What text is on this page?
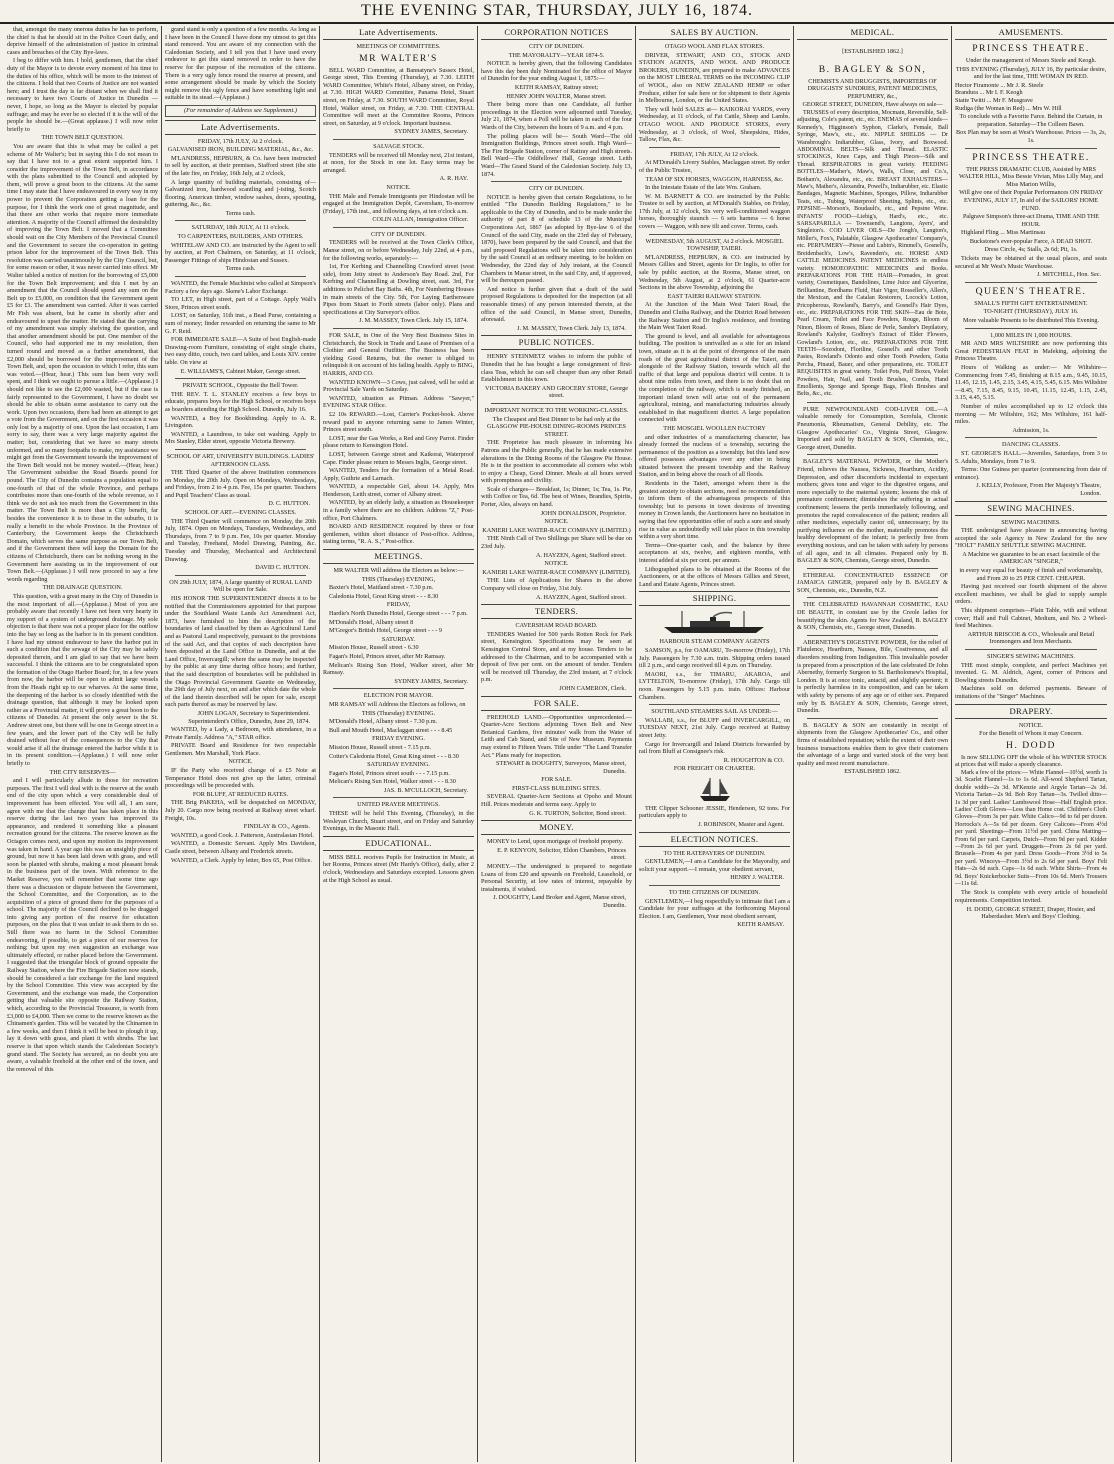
THE EVENING STAR, THURSDAY, JULY 16, 1874.

that, amongst the many onerous duties he has to perform, the chief is that he should sit in the Police Court daily, and deprive himself of the administration of justice in criminal cases and breaches of the City Bye-laws.

I beg to differ with him. I hold, gentlemen, that the chief duty of the Mayor is to devote every moment of his time to the duties of his office, which will be more to the interest of the citizens. I hold that two Courts of Justice are not wanted here; and I trust the day is far distant when we shall find it necessary to have two Courts of Justice in Dunedin — never, I hope, so long as the Mayor is elected by popular suffrage; and may he ever be so elected if it is the will of the people he should be.—(Great applause.) I will now refer briefly to

THE TOWN BELT QUESTION.

You are aware that this is what may be called a pet scheme of Mr Walter's; but in saying this I do not mean to say that I have not to a great extent supported him. I consider the improvement of the Town Belt, in accordance with the plans submitted to the Council and adopted by them, will prove a great boon to the citizens. At the same time I may state that I have endeavoured in every way in my power to prevent the Corporation getting a loan for the purpose, for I think the work one of great magnitude, and that there are other works that require more immediate attention. A majority of the Council affirmed the desirability of improving the Town Belt. I moved that a Committee should wait on the City Members of the Provincial Council and the Government to secure the co-operation in getting prison labor for the improvement of the Town Belt. This resolution was carried unanimously by the City Council, but, for some reason or other, it was never carried into effect. Mr Walter tabled a notice of motion for the borrowing of £5,000 for the Town Belt improvement; and this I met by an amendment that the Council should spend any sum on the Belt up to £5,000, on condition that the Government spent £5 for £1. The amendment was carried. After it was carried Mr Fish was absent, but he came in shortly after and endeavoured to upset the matter. He stated that the carrying of my amendment was simply shelving the question, and that another amendment should be put. One member of the Council, who had supported me in my resolution, then turned round and moved as a further amendment, that £2,000 should be borrowed for the improvement of the Town Belt, and, upon the occasion to which I refer, this sum was voted.—(Hear, hear.) This sum has been very well spent, and I think we ought to pursue a little.—(Applause.) I should not like to see the £2,000 wasted, but if the case is fairly represented to the Government, I have no doubt we should be able to obtain some assistance to carry out the work. Upon two occasions, there had been an attempt to get a vote from the Government, and on the first occasion it was only lost by a majority of one. Upon the last occasion, I am sorry to say, there was a very large majority against the matter; but, considering that we have so many streets unformed, and so many footpaths to make, my assistance we might get from the Government towards the improvement of the Town Belt would not be money wasted.—(Hear, hear.) The Government subsidise the Road Boards pound for pound. The City of Dunedin contains a population equal to one-fourth of that of the whole Province, and perhaps contributes more than one-fourth of the whole revenue, so I think we do not ask too much from the Government in this matter. The Town Belt is more than a City benefit, far besides the convenience it is to those in the suburbs, it is really a benefit to the whole Province. In the Province of Canterbury, the Government keeps the Christchurch Domain, which serves the same purpose as our Town Belt, and if the Government there will keep the Domain for the citizens of Christchurch, there can be nothing wrong in the Government here assisting us in the improvement of our Town Belt.—(Applause.) I will now proceed to say a few words regarding

THE DRAINAGE QUESTION.

This question, with a great many in the City of Dunedin is the most important of all.—(Applause.) Most of you are probably aware that recently I have not been very hearty in my support of a system of underground drainage. My sole objection is that there was not a proper place for the outflow into the bay so long as the harbor is in its present condition. I have had my utmost endeavour to have the harbor put in such a condition that the sewage of the City may be safely deposited therein, and I am glad to say that we have been successful. I think the citizens are to be congratulated upon the formation of the Otago Harbor Board; for, in a few years from now, the harbor will be open to admit large vessels from the Heads right up to our wharves. At the same time, the deepening of the harbor is so closely identified with the drainage question, that although it may be looked upon rather as a Provincial matter, it will prove a great boon to the citizens of Dunedin. At present the only sewer is the St. Andrew street one, but there will be one in George street in a few years, and the lower part of the City will be fully drained without fear of the consequences to the City that would arise if all the drainage entered the harbor while it is in its present condition.—(Applause.) I will now refer briefly to

THE CITY RESERVES—

and I will particularly allude to those for recreation purposes. The first I will deal with is the reserve at the south end of the city upon which a very considerable deal of improvement has been effected. You will all, I am sure, agree with me that the change that has taken place in this reserve during the last two years has improved its appearance, and rendered it something like a pleasant recreation ground for the citizens. The reserve known as the Octagon comes next, and upon my motion its improvement was taken in hand. A year ago this was an unsightly piece of ground, but now it has been laid down with grass, and will soon be planted with shrubs, making a most pleasant break in the business part of the town. With reference to the Market Reserve, you will remember that some time ago there was a discussion or dispute between the Government, the School Committee, and the Corporation, as to the acquisition of a piece of ground there for the purposes of a school. The majority of the Council declined to be dragged into giving any portion of the reserve for education purposes, on the plea that it was unfair to ask them to do so. Still there was no harm in the School Committee endeavoring, if possible, to get a piece of our reserves for nothing; but upon my own suggestion an exchange was ultimately effected, or rather placed before the Government. I suggested that the triangular block of ground opposite the Railway Station, where the Fire Brigade Station now stands, should be considered a fair exchange for the land required by the School Committee. This view was accepted by the Government, and the exchange was made, the Corporation getting that valuable site opposite the Railway Station, which, according to the Provincial Treasurer, is worth from £3,000 to £4,000. Then we come to the reserve known as the Chinamen's garden. This will be vacated by the Chinamen in a few weeks, and then I think it will be best to plough it up, lay it down with grass, and plant it with shrubs. The last reserve is that upon which stands the Caledonian Society's grand stand. The Society has secured, as no doubt you are aware, a valuable freehold at the other end of the town, and the removal of this

grand stand is only a question of a few months. As long as I have been in the Council I have done my utmost to get this stand removed. You are aware of my connection with the Caledonian Society, and I tell you that I have used every endeavor to get this stand removed in order to have the reserve for the purpose of the recreation of the citizens. There is a very ugly fence round the reserve at present, and some arrangement should be made by which the Society might remove this ugly fence and have something light and suitable in its stead.—(Applause.)

(For remainder of Address see Supplement.)
Late Advertisements.

FRIDAY, 17th JULY, At 2 o'clock.

GALVANISED IRON, BUILDING MATERIAL, &c., &c.

M'LANDRESS, HEPBURN, & Co. have been instructed to sell by auction, at their premises, Stafford street (the site of the late fire, on Friday, 16th July, at 2 o'clock,

A large quantity of building materials, consisting of— Galvanized iron, hardwood scantling and j-isting, Scotch flooring, American timber, window sashes, doors, spouting, guttering, &c., &c.

Terms cash.

SATURDAY, 18th JULY, At 11 o'clock.

TO CARPENTERS, BUILDERS, AND OTHERS.

WHITELAW AND CO. are instructed by the Agent to sell by auction, at Port Chalmers, on Saturday, at 11 o'clock, Passenger Fittings of ships Hindostan and Sussex.

Terms cash.

WANTED, the Female Machinist who called at Simpson's Factory a few days ago. Skene's Labor Exchange.

TO LET, in High street, part of a Cottage. Apply Wall's Store, Princes street south.

LOST, on Saturday, 11th inst., a Bead Purse, containing a sum of money; finder rewarded on returning the same to Mr G. F. Reid.

FOR IMMEDIATE SALE—A Suite of best English-made Drawing-room Furniture, consisting of eight single chairs, two easy ditto, couch, two card tables, and Louis XIV. centre table. On view at

E. WILLIAMS'S, Cabinet Maker, George street.

PRIVATE SCHOOL, Opposite the Bell Tower.

THE REV. T. L. STANLEY receives a few boys to educate, prepares boys for the High School, or receives boys as boarders attending the High School. Dunedin, July 16.

WANTED, a Boy for Bookbinding. Apply to A. R. Livingston.

WANTED, a Laundress, to take out washing. Apply to Mrs Stanley, Elder street, opposite Victoria Brewery.

SCHOOL OF ART, UNIVERSITY BUILDINGS. LADIES' AFTERNOON CLASS.

THE Third Quarter of the above Institution commences on Monday, the 20th July. Open on Mondays, Wednesdays, and Fridays, from 2 to 4 p.m. Fee, 15s per quarter. Teachers and Pupil Teachers' Class as usual.

D. C. HUTTON.

SCHOOL OF ART.—EVENING CLASSES.

THE Third Quarter will commence on Monday, the 20th July, 1874. Open on Mondays, Tuesdays, Wednesdays, and Thursdays, from 7 to 9 p.m. Fee, 10s per quarter. Monday and Tuesday, Freehand, Model Drawing, Painting, &c. Tuesday and Thursday, Mechanical and Architectural Drawing.

DAVID C. HUTTON.

ON 29th JULY, 1874, A large quantity of RURAL LAND Will be open for Sale.

HIS HONOR THE SUPERINTENDENT directs it to be notified that the Commissioners appointed for that purpose under the Southland Waste Lands Act Amendment Act, 1873, have furnished to him the description of the boundaries of land classified by them as Agricultural Land and as Pastoral Land respectively, pursuant to the provisions of the said Act, and that copies of such description have been deposited at the Land Office in Dunedin, and at the Land Office, Invercargill; where the same may be inspected by the public at any time during office hours; and further, that the said description of boundaries will be published in the Otago Provincial Government Gazette on Wednesday, the 29th day of July next, on and after which date the whole of the land therein described will be open for sale, except such parts thereof as may be reserved by law.

JOHN LOGAN, Secretary to Superintendent. Superintendent's Office, Dunedin, June 29, 1874.

WANTED, by a Lady, a Bedroom, with attendance, in a Private Family. Address "A," STAR office.

PRIVATE Board and Residence for two respectable Gentlemen. Mrs Marshall, York Place.

NOTICE.

IF the Party who received change of a £5 Note at Temperance Hotel does not give up the latter, criminal proceedings will be proceeded with.

FOR BLUFF, AT REDUCED RATES.

THE Brig PAKEHA, will be despatched on MONDAY, July 20. Cargo now being received at Railway street wharf. Freight, 10s.

FINDLAY & CO., Agents.

WANTED, a good Cook. J. Patterson, Australasian Hotel.

WANTED, a Domestic Servant. Apply Mrs Davidson, Castle street, between Albany and Frederick streets.

WANTED, a Clerk. Apply by letter, Box 65, Post Office.

Late Advertisements.

MEETINGS OF COMMITTEES.

MR WALTER'S

BELL WARD Committee, at Bannatyne's Sussex Hotel, George street, This Evening (Thursday), at 7.30. LEITH WARD Committee, White's Hotel, Albany street, on Friday, at 7.30. HIGH WARD Committee, Panama Hotel, Stuart street, on Friday, at 7.30. SOUTH WARD Committee, Royal Hotel, Walker street, on Friday, at 7.30. THE CENTRAL Committee will meet at the Committee Rooms, Princes street, on Saturday, at 9 o'clock. Important business.

SYDNEY JAMES, Secretary.

SALVAGE STOCK.

TENDERS will be received till Monday next, 21st instant, at noon, for the Stock in one lot. Easy terms may be arranged.

A. R. HAY.

NOTICE.

THE Male and Female Immigrants per Hindostan will be engaged at the Immigration Depôt, Caversham, To-morrow (Friday), 17th inst., and following days, at ten o'clock a.m.

COLIN ALLAN, Immigration Officer.

CITY OF DUNEDIN.

TENDERS will be received at the Town Clerk's Office, Manse street, on or before Wednesday, July 22nd, at 4 p.m., for the following works, separately:—

1st, For Kerbing and Channelling Crawford street (west side), from Jetty street to Anderson's Bay Road. 2nd, For Kerbing and Channelling at Dowling street, east. 3rd, For additions to Pelichet Bay Baths. 4th, For Numbering Houses in main streets of the City. 5th, For Laying Earthenware Pipes from Stuart to Forth streets (labor only). Plans and specifications at City Surveyor's office.

J. M. MASSEY, Town Clerk. July 15, 1874.

FOR SALE, in One of the Very Best Business Sites in Christchurch, the Stock in Trade and Lease of Premises of a Clothier and General Outfitter. The Business has been yielding Good Returns, but the owner is obliged to relinquish it on account of his failing health. Apply to BING, HARRIS, AND CO.

WANTED KNOWN—3 Cows, just calved, will be sold at Provincial Sale Yards on Saturday.

WANTED, situation as Pitman. Address "Sawyer," EVENING STAR Office.

£2 10s REWARD.—Lost, Carrier's Pocket-book. Above reward paid to anyone returning same to James Winter, Princes street south.

LOST, near the Gas Works, a Red and Grey Parrot. Finder please return to Kensington Hotel.

LOST, between George street and Kaikorai, Waterproof Cape. Finder please return to Messrs Inglis, George street.

WANTED, Tenders for the formation of a Metal Road. Apply, Guthrie and Larnach.

WANTED, a respectable Girl, about 14. Apply, Mrs Henderson, Leith street, corner of Albany street.

WANTED, by an elderly lady, a situation as Housekeeper in a family where there are no children. Address "Z," Post-office, Port Chalmers.

BOARD AND RESIDENCE required by three or four gentlemen, within short distance of Post-office. Address, stating terms, "R. A. S.," Post-office.

MEETINGS.

MR WALTER Will address the Electors as below:—

THIS (Thursday) EVENING,

Baxter's Hotel, Maitland street - 7.30 p.m.

Caledonia Hotel, Great King street - - - 8.30

FRIDAY,

Hardie's North Dunedin Hotel, George street - - - 7 p.m.

M'Donald's Hotel, Albany street 8

M'Gregor's British Hotel, George street - - - 9

SATURDAY.

Mission House, Russell street - 6.30

Fagan's Hotel, Princes street, after Mr Ramsay.

Melican's Rising Sun Hotel, Walker street, after Mr Ramsay.

SYDNEY JAMES, Secretary.

ELECTION FOR MAYOR.

MR RAMSAY will Address the Electors as follows, on

THIS (Thursday) EVENING.

M'Donald's Hotel, Albany street - 7.30 p.m.

Bull and Mouth Hotel, Maclaggan street - - - 8.45

FRIDAY EVENING.

Mission House, Russell street - 7.15 p.m.

Cotter's Caledonia Hotel, Great King street - - - 8.30

SATURDAY EVENING.

Fagan's Hotel, Princes street south - - - 7.15 p.m.

Melican's Rising Sun Hotel, Walker street - - - 8.30

JAS. B. M'CULLOCH, Secretary.

UNITED PRAYER MEETINGS.

THESE will be held This Evening, (Thursday), in the Wesleyan Church, Stuart street, and on Friday and Saturday Evenings, in the Masonic Hall.

EDUCATIONAL.

MISS BELL receives Pupils for Instruction in Music, at her Rooms, Princes street (Mr Hardy's Office), daily, after 2 o'clock, Wednesdays and Saturdays excepted. Lessons given at the High School as usual.

CORPORATION NOTICES

CITY OF DUNEDIN.

THE MAYORALTY—YEAR 1874-5.

NOTICE is hereby given, that the following Candidates have this day been duly Nominated for the office of Mayor of Dunedin for the year ending August 1, 1875:—

KEITH RAMSAY, Rattray street;

HENRY JOHN WALTER, Manse street.

There being more than one Candidate, all further proceedings in the Election were adjourned until Tuesday, July 21, 1874, when a Poll will be taken in each of the four Wards of the City, between the hours of 9 a.m. and 4 p.m.

The polling places will be— South Ward—The old Immigration Buildings, Princes street south. High Ward—The Fire Brigade Station, corner of Rattray and High streets. Bell Ward—The Oddfellows' Hall, George street. Leith Ward—The Grand Stand of the Caledonian Society. July 13, 1874.

CITY OF DUNEDIN.

NOTICE is hereby given that certain Regulations, to be entitled "The Dunedin Building Regulations," to be applicable to the City of Dunedin, and to be made under the authority of part 8 of schedule 13 of the Municipal Corporations Act, 1867 (as adopted by Bye-law 6 of the Council of the said City, made on the 23rd day of February, 1870), have been prepared by the said Council, and that the said proposed Regulations will be taken into consideration by the said Council at an ordinary meeting, to be holden on Wednesday, the 22nd day of July instant, at the Council Chambers in Manse street, in the said City, and, if approved, will be thereupon passed.

And notice is further given that a draft of the said proposed Regulations is deposited for the inspection (at all reasonable times) of any person interested therein, at the office of the said Council, in Manse street, Dunedin, aforesaid.

J. M. MASSEY, Town Clerk. July 13, 1874.

PUBLIC NOTICES.

HENRY STEINMETZ wishes to inform the public of Dunedin that he has bought a large consignment of first-class Teas, which he can sell cheaper than any other Retail Establishment in this town.

VICTORIA BAKERY AND GROCERY STORE, George street.

IMPORTANT NOTICE TO THE WORKING-CLASSES.

The Cheapest and Best Dinner to be had only at the GLASGOW PIE-HOUSE DINING-ROOMS PRINCES STREET.

THE Proprietor has much pleasure in informing his Patrons and the Public generally, that he has made extensive alterations in the Dining Rooms of the Glasgow Pie House. He is in the position to accommodate all comers who wish to enjoy a Cheap, Good Dinner. Meals at all hours served with promptness and civility.

Scale of charges— Breakfast, 1s; Dinner, 1s; Tea, 1s. Pie, with Coffee or Tea, 6d. The best of Wines, Brandies, Spirits, Porter, Ales, always on hand.

JOHN DONALDSON, Proprietor.

NOTICE.

KANIERI LAKE WATER-RACE COMPANY (LIMITED.)

THE Ninth Call of Two Shillings per Share will be due on 23rd July.

A. HAYZEN, Agent, Stafford street.

NOTICE.

KANIERI LAKE WATER-RACE COMPANY (LIMITED).

THE Lists of Applications for Shares in the above Company will close on Friday, 31st July.

A. HAYZEN, Agent, Stafford street.

TENDERS.

CAVERSHAM ROAD BOARD.

TENDERS Wanted for 500 yards Rotten Rock for Park street, Kensington. Specifications may be seen at Kensington Central Store, and at my house. Tenders to be addressed to the Chairman, and to be accompanied with a deposit of five per cent. on the amount of tender. Tenders will be received till Thursday, the 23rd instant, at 7 o'clock p.m.

JOHN CAMERON, Clerk.

FOR SALE.

FREEHOLD LAND.—Opportunities unprecedented.—Quarter-Acre Sections adjoining Town Belt and New Botanical Gardens, five minutes' walk from the Water of Leith and Cab Stand, and Site of New Museum. Payments may extend to Fifteen Years. Title under "The Land Transfer Act." Plans ready for inspection.

STEWART & DOUGHTY, Surveyors, Manse street, Dunedin.

FOR SALE.

FIRST-CLASS BUILDING SITES.

SEVERAL Quarter-Acre Sections at Opoho and Mount Hill. Prices moderate and terms easy. Apply to

G. K. TURTON, Solicitor, Bond street.

MONEY.

MONEY to Lend, upon mortgage of freehold property.

E. P. KENYON, Solicitor, Eldon Chambers, Princes street.

MONEY.—The undersigned is prepared to negotiate Loans of from £20 and upwards on Freehold, Leasehold, or Personal Security, at low rates of interest, repayable by instalments, if wished.

J. DOUGHTY, Land Broker and Agent, Manse street, Dunedin.

SALES BY AUCTION.

OTAGO WOOL AND FLAX STORES.

DRIVER, STEWART, AND CO., STOCK AND STATION AGENTS, AND WOOL AND PRODUCE BROKERS, DUNEDIN, are prepared to make ADVANCES on the MOST LIBERAL TERMS on the INCOMING CLIP of WOOL, also on NEW ZEALAND HEMP or other Produce, either for sale here or for shipment to their Agents in Melbourne, London, or the United States.

They will hold SALES at— KAIKORAI YARDS, every Wednesday, at 11 o'clock, of Fat Cattle, Sheep and Lambs. OTAGO WOOL AND PRODUCE STORES, every Wednesday, at 3 o'clock, of Wool, Sheepskins, Hides, Tallow, Flax, &c.

FRIDAY, 17th JULY, At 12 o'clock.

At M'Donald's Livery Stables, Maclaggan street. By order of the Public Trustee,

TEAM OF SIX HORSES, WAGGON, HARNESS, &c.

In the Intestate Estate of the late Wm. Graham.

W. M. BARNETT & CO. are instructed by the Public Trustee to sell by auction, at M'Donald's Stables, on Friday, 17th July, at 12 o'clock, Six very well-conditioned waggon horses, thoroughly staunch — 6 sets harness — 6 horse covers — Waggon, with new tilt and cover. Terms, cash.

WEDNESDAY, 5th AUGUST, At 2 o'clock. MOSGIEL TOWNSHIP, TAIERI.

M'LANDRESS, HEPBURN, & CO. are instructed by Messrs Gillies and Street, agents for Dr Inglis, to offer for sale by public auction, at the Rooms, Manse street, on Wednesday, 5th August, at 2 o'clock, 61 Quarter-acre Sections in the above Township, adjoining the

EAST TAIERI RAILWAY STATION.

At the Junction of the Main West Taieri Road, the Dunedin and Clutha Railway, and the District Road between the Railway Station and Dr Inglis's residence, and fronting the Main West Taieri Road.

The ground is level, and all available for advantageous building. The position is unrivalled as a site for an inland town, situate as it is at the point of divergence of the main roads of the great agricultural district of the Taieri, and alongside of the Railway Station, towards which all the traffic of that large and populous district will centre. It is about nine miles from town, and there is no doubt that on the completion of the railway, which is nearly finished, an important inland town will arise out of the permanent agricultural, mining, and manufacturing industries already established in that magnificent district. A large population connected with

THE MOSGIEL WOOLLEN FACTORY

and other industries of a manufacturing character, has already formed the nucleus of a township, securing the permanence of the position as a township; but this land now offered possesses advantages over any other in being situated between the present township and the Railway Station, and in being above the reach of all floods.

Residents in the Taieri, amongst whom there is the greatest anxiety to obtain sections, need no recommendation to inform them of the advantageous prospects of this township; but to persons in town desirous of investing money in Crown lands, the Auctioneers have no hesitation in saying that few opportunities offer of such a sure and steady rise in value as undoubtedly will take place in this township within a very short time.

Terms—One-quarter cash, and the balance by three acceptances at six, twelve, and eighteen months, with interest added at six per cent. per annum.

Lithographed plans to be obtained at the Rooms of the Auctioneers, or at the offices of Messrs Gillies and Street, Land and Estate Agents, Princes street.

SHIPPING.

HARBOUR STEAM COMPANY AGENTS

SAMSON, p.s, for OAMARU, To-morrow (Friday), 17th July. Passengers by 7.30 a.m. train. Shipping orders issued till 2 p.m., and cargo received till 4 p.m. on Thursday.

MAORI, s.s., for TIMARU, AKAROA, and LYTTELTON, To-morrow (Friday), 17th July. Cargo till noon. Passengers by 5.15 p.m. train. Offices: Harbour Chambers.

SOUTHLAND STEAMERS SAIL AS UNDER:—

WALLABI, s.s., for BLUFF and INVERCARGILL, on TUESDAY NEXT, 21st July. Cargo received at Rattray street Jetty.

Cargo for Invercargill and Inland Districts forwarded by rail from Bluff at Consignee's risk.

R. HOUGHTON & CO.

FOR FREIGHT OR CHARTER.

THE Clipper Schooner JESSIE, Henderson, 92 tons. For particulars apply to

J. ROBINSON, Master and Agent.

ELECTION NOTICES.

TO THE RATEPAYERS OF DUNEDIN.

GENTLEMEN,—I am a Candidate for the Mayoralty, and solicit your support.—I remain, your obedient servant,

HENRY J. WALTER.

TO THE CITIZENS OF DUNEDIN.

GENTLEMEN,—I beg respectfully to intimate that I am a Candidate for your suffrages at the forthcoming Mayoral Election. I am, Gentlemen, Your most obedient servant,

KEITH RAMSAY.

MEDICAL.

[ESTABLISHED 1862.]

B. BAGLEY & SON,

CHEMISTS AND DRUGGISTS, IMPORTERS OF DRUGGISTS' SUNDRIES, PATENT MEDICINES, PERFUMERY, &c.,

GEORGE STREET, DUNEDIN, Have always on sale—

TRUSSES of every description, Mocmain, Reversible, Self-adjusting, Cole's patent, etc., etc. ENEMAS of several kinds—Kennedy's, Higginson's Syphon, Clarke's, Female, Ball Syringe, Maw's, etc., etc. NIPPLE SHIELDS — Dr Wansbrough's Indiarubber, Glass, Ivory, and Boxwood. ABDOMINAL BELTS—Silk and Thread. ELASTIC STOCKINGS, Knee Caps, and Thigh Pieces—Silk and Thread. RESPIRATORS in great variety. FEEDING BOTTLES—Mather's, Maw's, Walls, Close, and Co.'s, Botham's, Alexandra, etc., etc. BREAST EXHAUSTERS—Maw's, Mather's, Alexandra, Powell's, Indiarubber, etc. Elastic Bandages, Magnetic Machines, Sponges, Pillow, Indiarubber Teats, etc., Tubing, Waterproof Sheeting, Splints, etc., etc. PEPSINE—Morson's, Boudault's, etc., and Pepsine Wine. INFANTS' FOOD—Liebig's, Hard's, etc., etc. SARSAPARILLA — Townsend's, Langtons, Ayers', and Singleton's. COD LIVER OILS—De Jongh's, Langton's, Möller's, Fox's, Palatable, Glasgow Apothecaries' Company's, etc. PERFUMERY—Piesse and Lubin's, Rimmel's, Gosnell's, Breidenbach's, Low's, Ravenden's, etc. HORSE AND CATTLE MEDICINES. PATENT MEDICINES in endless variety. HOMOEOPATHIC MEDICINES and Books. PREPARATIONS FOR THE HAIR—Pomades, in great variety, Cosmetiques, Bandolines, Lime Juice and Glycerine, Brilliantine, Bordhams Fluid, Hair Vigor, Rosseller's, Allen's, the Mexican, and the Catalan Restorers, Locock's Lotion, Pricopherous, Rowland's, Barry's, and Gosnell's Hair Dyes, etc., etc. PREPARATIONS FOR THE SKIN—Eau de Bote, Pearl Cream, Toilet and Face Powders, Rouge, Bloom of Ninon, Bloom of Roses, Blanc de Perle, Sandor's Depilatory, Rowland's Kalydor, Godfrey's Extract of Elder Flowers, Gowland's Lotion, etc., etc. PREPARATIONS FOR THE TEETH—Sozodont, Floriline, Gosnell's and other Tooth Pastes, Rowland's Odonto and other Tooth Powders, Gutta Percha, Pinaud, Bauer, and other preparations, etc. TOILET REQUISITES in great variety. Toilet Pots, Puff Boxes, Violet Powders, Hair, Nail, and Tooth Brushes, Combs, Hand Emollients, Sponge and Sponge Bags, Flesh Brushes and Belts, &c., etc.

PURE NEWFOUNDLAND COD-LIVER OIL.—A valuable remedy for Consumption, Scrofula, Chronic Pneumonia, Rheumatism, General Debility, etc. The Glasgow Apothecaries' Co., Virginia Street, Glasgow. Imported and sold by BAGLEY & SON, Chemists, etc., George street, Dunedin.

BAGLEY'S MATERNAL POWDER, or the Mother's Friend, relieves the Nausea, Sickness, Heartburn, Acidity, Depression, and other discomforts incidental to expectant mothers; gives tone and vigor to the digestive organs, and more especially to the maternal system; lessens the risk of premature confinement; diminishes the suffering in actual confinement; lessens the perils immediately following, and promotes the rapid convalescence of the patient; renders all other medicines, especially castor oil, unnecessary; by its purifying influence on the mother, materially promotes the healthy development of the infant; is perfectly free from everything noxious, and can be taken with safety by persons of all ages, and in all climates. Prepared only by B. BAGLEY & SON, Chemists, George street, Dunedin.

ETHEREAL CONCENTRATED ESSENCE OF JAMAICA GINGER, prepared only by B. BAGLEY & SON, Chemists, etc., Dunedin, N.Z.

THE CELEBRATED HAVANNAH COSMETIC, EAU DE BEAUTE, in constant use by the Creole ladies for beautifying the skin. Agents for New Zealand, B. BAGLEY & SON, Chemists, etc., George street, Dunedin.

ABERNETHY'S DIGESTIVE POWDER, for the relief of Flatulence, Heartburn, Nausea, Bile, Costiveness, and all disorders resulting from Indigestion. This invaluable powder is prepared from a prescription of the late celebrated Dr John Abernethy, formerly Surgeon to St. Bartholomew's Hospital, London. It is at once tonic, antacid, and slightly aperient; it is perfectly harmless in its composition, and can be taken with safety by persons of any age or of either sex. Prepared only by B. BAGLEY & SON, Chemists, George street, Dunedin.

B. BAGLEY & SON are constantly in receipt of shipments from the Glasgow Apothecaries' Co., and other firms of established reputation; while the extent of their own business transactions enables them to give their customers the advantage of a large and varied stock of the very best quality and most recent manufacture.

ESTABLISHED 1862.

AMUSEMENTS.
PRINCESS THEATRE.

Under the management of Messrs Steele and Keogh.

THIS EVENING (Thursday), JULY 16, By particular desire, and for the last time, THE WOMAN IN RED.

Hector Firamonte ... Mr J. R. Steele
Brandura ... Mr I. F. Keogh
Statte Twitti ... Mr F. Musgrave
Rudiga (the Woman in Red) ... Mrs W. Hill

To conclude with a Favorite Farce. Behind the Curtain, in preparation. Saturday—The Colleen Bawn.

Box Plan may be seen at West's Warehouse. Prices — 3s, 2s, 1s.

PRINCESS THEATRE.

THE PRESS DRAMATIC CLUB, Assisted by MRS WALTER HILL, Miss Bessie Vivian, Miss Lilly May, and Miss Marion Willis,

Will give one of their Popular Performances ON FRIDAY EVENING, JULY 17, In aid of the SAILORS' HOME FUND.

Palgrave Simpson's three-act Drama, TIME AND THE HOUR.

Highland Fling ... Miss Martinsau

Buckstone's ever-popular Farce, A DEAD SHOT.

Dress Circle, 4s; Stalls, 2s 6d; Pit, 1s.

Tickets may be obtained at the usual places, and seats secured at Mr West's Music Warehouse.

J. MITCHELL, Hon. Sec.

QUEEN'S THEATRE.

SMALL'S FIFTH GIFT ENTERTAINMENT.

TO-NIGHT (THURSDAY), JULY 16.

More valuable Presents to be distributed This Evening.

1,000 MILES IN 1,000 HOURS.

MR AND MRS WILTSHIRE are now performing this Great PEDESTRIAN FEAT in Mafeking, adjoining the Princess Theatre.

Hours of Walking as under:— Mr Wiltshire—Commencing from 7.45, finishing at 8.15 a.m., 9.45, 10.15, 11.45, 12.15, 1.45, 2.15, 3.45, 4.15, 5.45, 6.15. Mrs Wiltshire—8.45, 7.15, 8.45, 9.15, 10.45, 11.15, 12.45, 1.15, 2.45, 3.15, 4.45, 5.15.

Number of miles accomplished up to 12 o'clock this morning — Mr Wiltshire, 162; Mrs Wiltshire, 161 half-miles.

Admission, 1s.

DANCING CLASSES.

ST. GEORGE'S HALL.—Juveniles, Saturdays, from 3 to 5. Adults, Mondays, from 7 to 9.

Terms: One Guinea per quarter (commencing from date of entrance).

J. KELLY, Professor, From Her Majesty's Theatre, London.

SEWING MACHINES.

SEWING MACHINES.

THE undersigned have pleasure in announcing having accepted the sole Agency in New Zealand for the new "HOLT" FAMILY SHUTTLE SEWING MACHINE.

A Machine we guarantee to be an exact facsimile of the AMERICAN "SINGER,"

in every way equal for beauty of finish and workmanship, and From 20 to 25 PER CENT. CHEAPER.

Having just received our fourth shipment of the above excellent machines, we shall be glad to supply sample orders.

This shipment comprises—Plain Table, with and without cover; Half and Full Cabinet, Medium, and No. 2 Wheel-feed Machines.

ARTHUR BRISCOE & CO., Wholesale and Retail Ironmongers and Iron Merchants.

SINGER'S SEWING MACHINES.

THE most simple, complete, and perfect Machines yet invented. G. M. Aldrich, Agent, corner of Princes and Dowling streets Dunedin.

Machines sold on deferred payments. Beware of imitations of the "Singer" Machines.

DRAPERY.

NOTICE.

For the Benefit of Whom it may Concern.

H. DODD

Is now SELLING OFF the whole of his WINTER STOCK at prices that will make a speedy clearance.

Mark a few of the prices:— White Flannel—10½d, worth 1s 3d. Scarlet Flannel—1s to 1s 6d. All-wool Shepherd Tartan, double width—2s 3d. M'Kenzie and Argyle Tartan—2s 3d. Victoria Tartan—2s 9d. Bob Roy Tartan—3s. Twilled ditto—1s 3d per yard. Ladies' Lambswool Hose—Half English price. Ladies' Cloth Gloves—Less than Home cost. Children's Cloth Gloves—From 3s per pair. White Calico—9d to 6d per dozen. Horrocks's A—5s 6d per dozen. Grey Calicoes—From 4½d per yard. Sheetings—From 11½d per yard. China Matting—From 6d per yard. Carpets, Dutch—From 9d per yard. Kidder—From 2s 6d per yard. Druggets—From 2s 6d per yard. Brussels—From 4s per yard. Dress Goods—From 3½d to 5s per yard. Winceys—From 3½d to 2s 6d per yard. Boys' Felt Hats—2s 6d each. Caps—1s 6d each. White Shirts—From 4s 9d. Boys' Knickerbocker Suits—From 10s 6d. Men's Trousers—11s 6d.

The Stock is complete with every article of household requirements. Competition invited.

H. DODD, GEORGE STREET, Draper, Hosier, and Haberdasher. Men's and Boys' Clothing.
